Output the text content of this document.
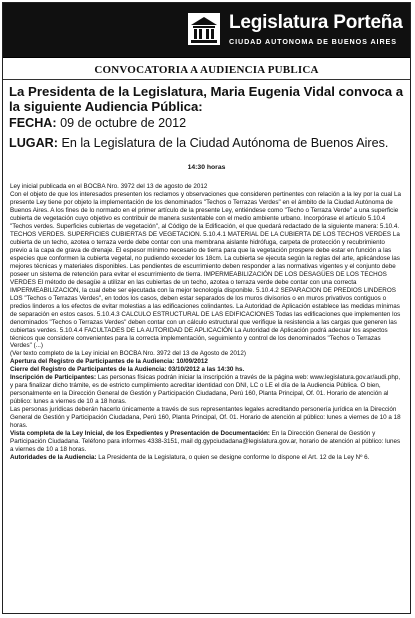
Legislatura Porteña
CIUDAD AUTONOMA DE BUENOS AIRES
CONVOCATORIA A AUDIENCIA PUBLICA
La Presidenta de la Legislatura, Maria Eugenia Vidal convoca a la siguiente Audiencia Pública:
FECHA: 09 de octubre de 2012
LUGAR: En la Legislatura de la Ciudad Autónoma de Buenos Aires.
14:30 horas

Ley inicial publicada en el BOCBA Nro. 3972 del 13 de agosto de 2012

Con el objeto de que los interesados presenten los reclamos y observaciones que consideren pertinentes con relación a la ley por la cual La presente Ley tiene por objeto la implementación de los denominados "Techos o Terrazas Verdes" en el ámbito de la Ciudad Autónoma de Buenos Aires. A los fines de lo normado en el primer artículo de la presente Ley, entiéndese como "Techo o Terraza Verde" a una superficie cubierta de vegetación cuyo objetivo es contribuir de manera sustentable con el medio ambiente urbano. Incorpórase el artículo 5.10.4 "Techos verdes. Superficies cubiertas de vegetación", al Código de la Edificación, el que quedará redactado de la siguiente manera: 5.10.4. TECHOS VERDES. SUPERFICIES CUBIERTAS DE VEGETACION. 5.10.4.1 MATERIAL DE LA CUBIERTA DE LOS TECHOS VERDES La cubierta de un techo, azotea o terraza verde debe contar con una membrana aislante hidrófuga, carpeta de protección y recubrimiento previo a la capa de grava de drenaje. El espesor mínimo necesario de tierra para que la vegetación prospere debe estar en función a las especies que conformen la cubierta vegetal, no pudiendo exceder los 18cm. La cubierta se ejecuta según la reglas del arte, aplicándose las mejores técnicas y materiales disponibles. Las pendientes de escurrimiento deben responder a las normativas vigentes y el conjunto debe poseer un sistema de retención para evitar el escurrimiento de tierra. IMPERMEABILIZACIÓN DE LOS DESAGÜES DE LOS TECHOS VERDES El método de desagüe a utilizar en las cubiertas de un techo, azotea o terraza verde debe contar con una correcta IMPERMEABILIZACION, la cual debe ser ejecutada con la mejor tecnología disponible. 5.10.4.2 SEPARACION DE PREDIOS LINDEROS LOS "Techos o Terrazas Verdes", en todos los casos, deben estar separados de los muros divisorios o en muros privativos contiguos o predios linderos a los efectos de evitar molestias a las edificaciones colindantes. La Autoridad de Aplicación establece las medidas mínimas de separación en estos casos. 5.10.4.3 CALCULO ESTRUCTURAL DE LAS EDIFICACIONES Todas las edificaciones que implementen los denominados "Techos o Terrazas Verdes" deben contar con un cálculo estructural que verifique la resistencia a las cargas que generen las cubiertas verdes. 5.10.4.4 FACULTADES DE LA AUTORIDAD DE APLICACIÓN La Autoridad de Aplicación podrá adecuar los aspectos técnicos que considere convenientes para la correcta implementación, seguimiento y control de los denominados "Techos o Terrazas Verdes" (...)

(Ver texto completo de la Ley inicial en BOCBA Nro. 3972 del 13 de Agosto de 2012)

Apertura del Registro de Participantes de la Audiencia: 10/09/2012

Cierre del Registro de Participantes de la Audiencia: 03/10/2012 a las 14:30 hs.

Inscripción de Participantes: Las personas físicas podrán iniciar la inscripción a través de la página web: www.legislatura.gov.ar/audi.php, y para finalizar dicho trámite, es de estricto cumplimiento acreditar identidad con DNI, LC o LE el día de la Audiencia Pública. O bien, personalmente en la Dirección General de Gestión y Participación Ciudadana, Perú 160, Planta Principal, Of. 01. Horario de atención al público: lunes a viernes de 10 a 18 horas.

Las personas jurídicas deberán hacerlo únicamente a través de sus representantes legales acreditando personería jurídica en la Dirección General de Gestión y Participación Ciudadana, Perú 160, Planta Principal, Of. 01. Horario de atención al público: lunes a viernes de 10 a 18 horas.

Vista completa de la Ley Inicial, de los Expedientes y Presentación de Documentación: En la Dirección General de Gestión y Participación Ciudadana. Teléfono para informes 4338-3151, mail dg.gypciudadana@legislatura.gov.ar, horario de atención al público: lunes a viernes de 10 a 18 horas.

Autoridades de la Audiencia: La Presidenta de la Legislatura, o quien se designe conforme lo dispone el Art. 12 de la Ley Nº 6.
